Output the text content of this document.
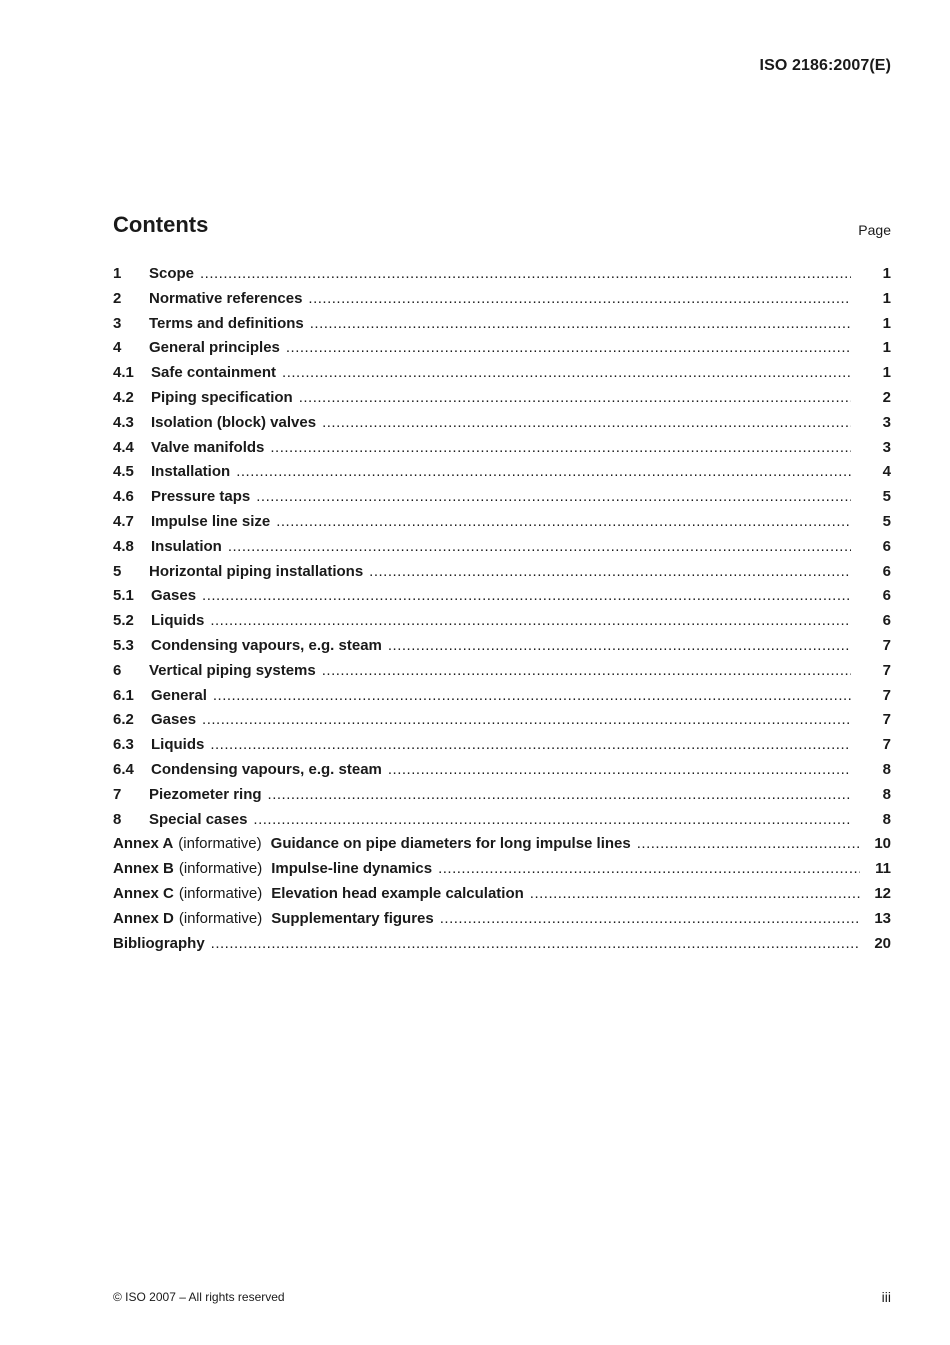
ISO 2186:2007(E)
Contents	Page
1	Scope .....	1
2	Normative references .....	1
3	Terms and definitions .....	1
4	General principles .....	1
4.1	Safe containment .....	1
4.2	Piping specification .....	2
4.3	Isolation (block) valves .....	3
4.4	Valve manifolds .....	3
4.5	Installation .....	4
4.6	Pressure taps .....	5
4.7	Impulse line size .....	5
4.8	Insulation .....	6
5	Horizontal piping installations .....	6
5.1	Gases .....	6
5.2	Liquids .....	6
5.3	Condensing vapours, e.g. steam .....	7
6	Vertical piping systems .....	7
6.1	General .....	7
6.2	Gases .....	7
6.3	Liquids .....	7
6.4	Condensing vapours, e.g. steam .....	8
7	Piezometer ring .....	8
8	Special cases .....	8
Annex A (informative) Guidance on pipe diameters for long impulse lines .....	10
Annex B (informative) Impulse-line dynamics .....	11
Annex C (informative) Elevation head example calculation .....	12
Annex D (informative) Supplementary figures .....	13
Bibliography .....	20
© ISO 2007 – All rights reserved	iii
